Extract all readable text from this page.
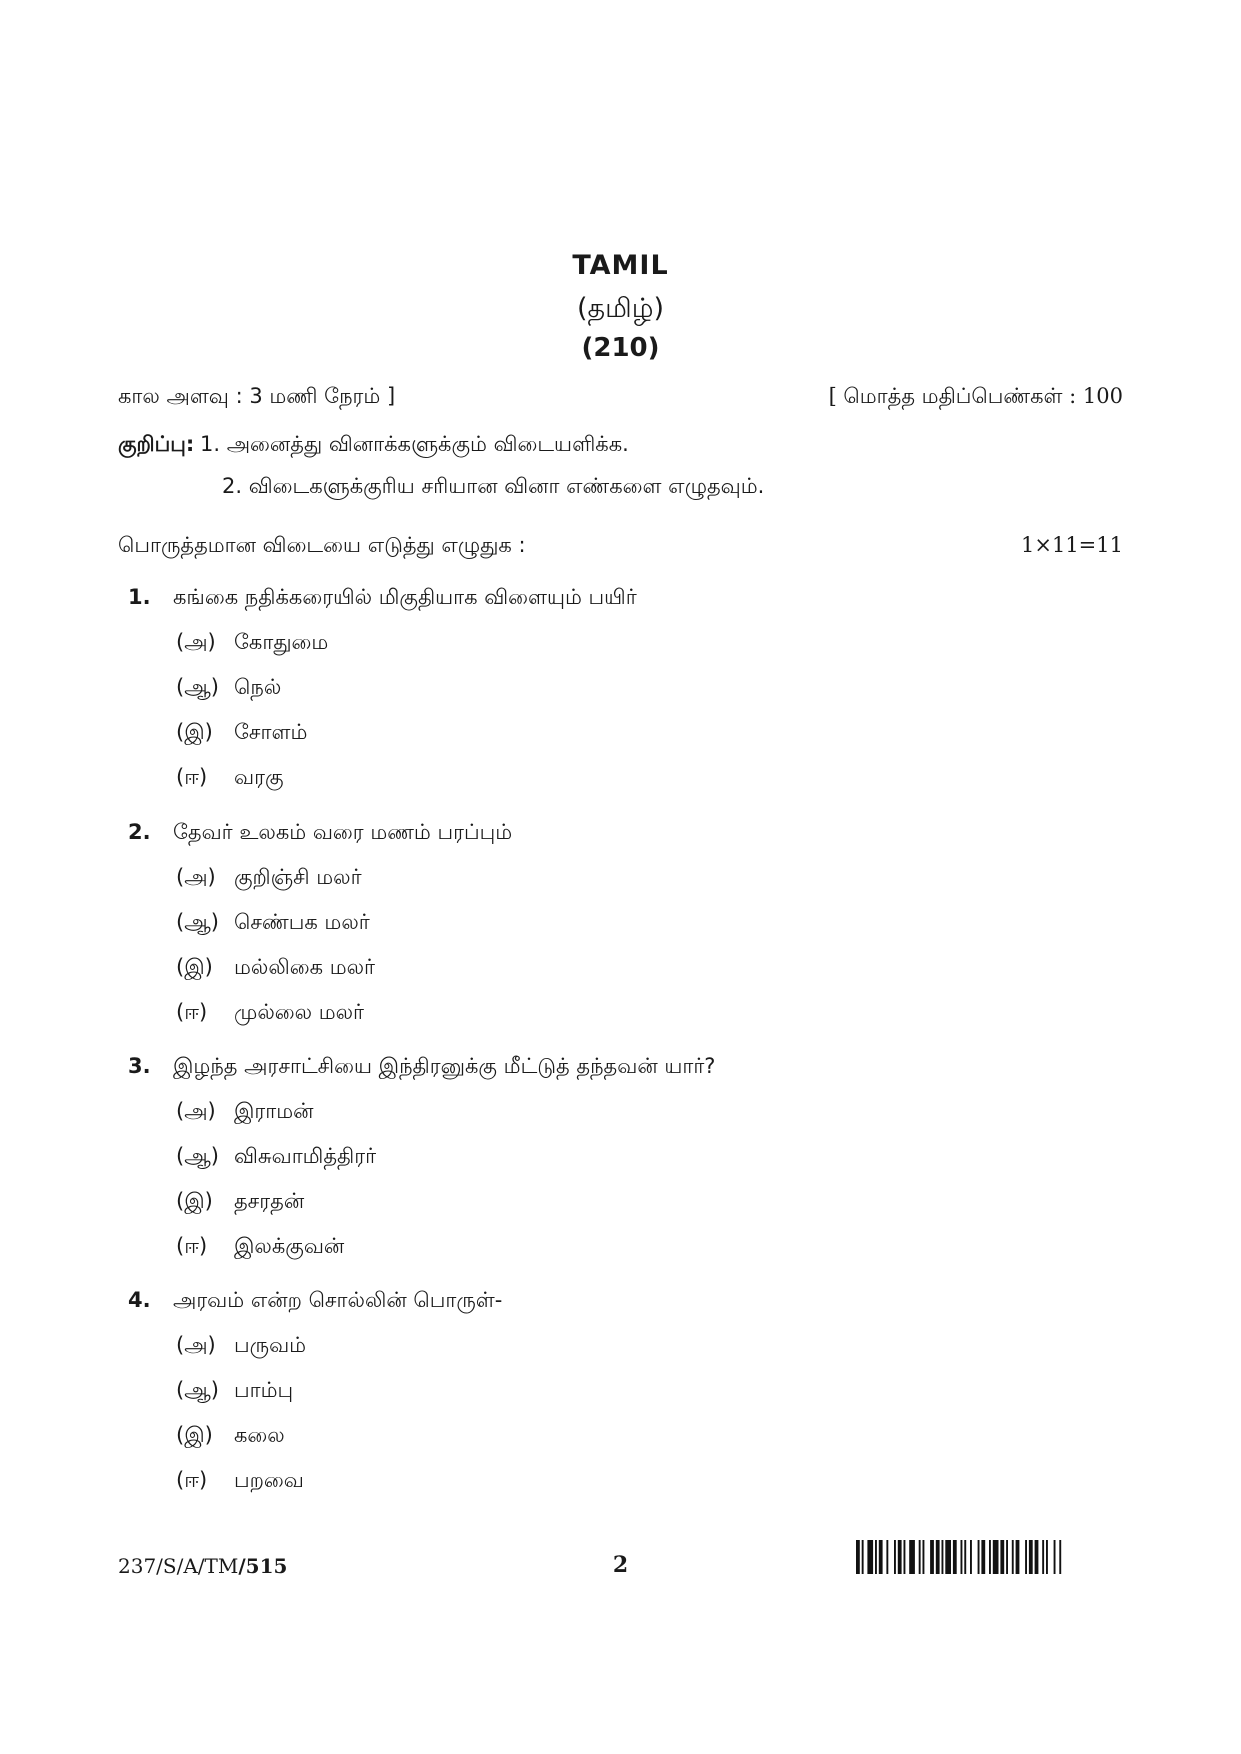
TAMIL
(தமிழ்)
(210)
கால அளவு : 3 மணி நேரம் ]	[ மொத்த மதிப்பெண்கள் : 100
குறிப்பு: 1. அனைத்து வினாக்களுக்கும் விடையளிக்க.
2. விடைகளுக்குரிய சரியான வினா எண்களை எழுதவும்.
பொருத்தமான விடையை எடுத்து எழுதுக :	1×11=11
1. கங்கை நதிக்கரையில் மிகுதியாக விளையும் பயிர்
(அ) கோதுமை
(ஆ) நெல்
(இ) சோளம்
(ஈ) வரகு
2. தேவர் உலகம் வரை மணம் பரப்பும்
(அ) குறிஞ்சி மலர்
(ஆ) செண்பக மலர்
(இ) மல்லிகை மலர்
(ஈ) முல்லை மலர்
3. இழந்த அரசாட்சியை இந்திரனுக்கு மீட்டுத் தந்தவன் யார்?
(அ) இராமன்
(ஆ) விசுவாமித்திரர்
(இ) தசரதன்
(ஈ) இலக்குவன்
4. அரவம் என்ற சொல்லின் பொருள்-
(அ) பருவம்
(ஆ) பாம்பு
(இ) கலை
(ஈ) பறவை
237/S/A/TM/515	2
